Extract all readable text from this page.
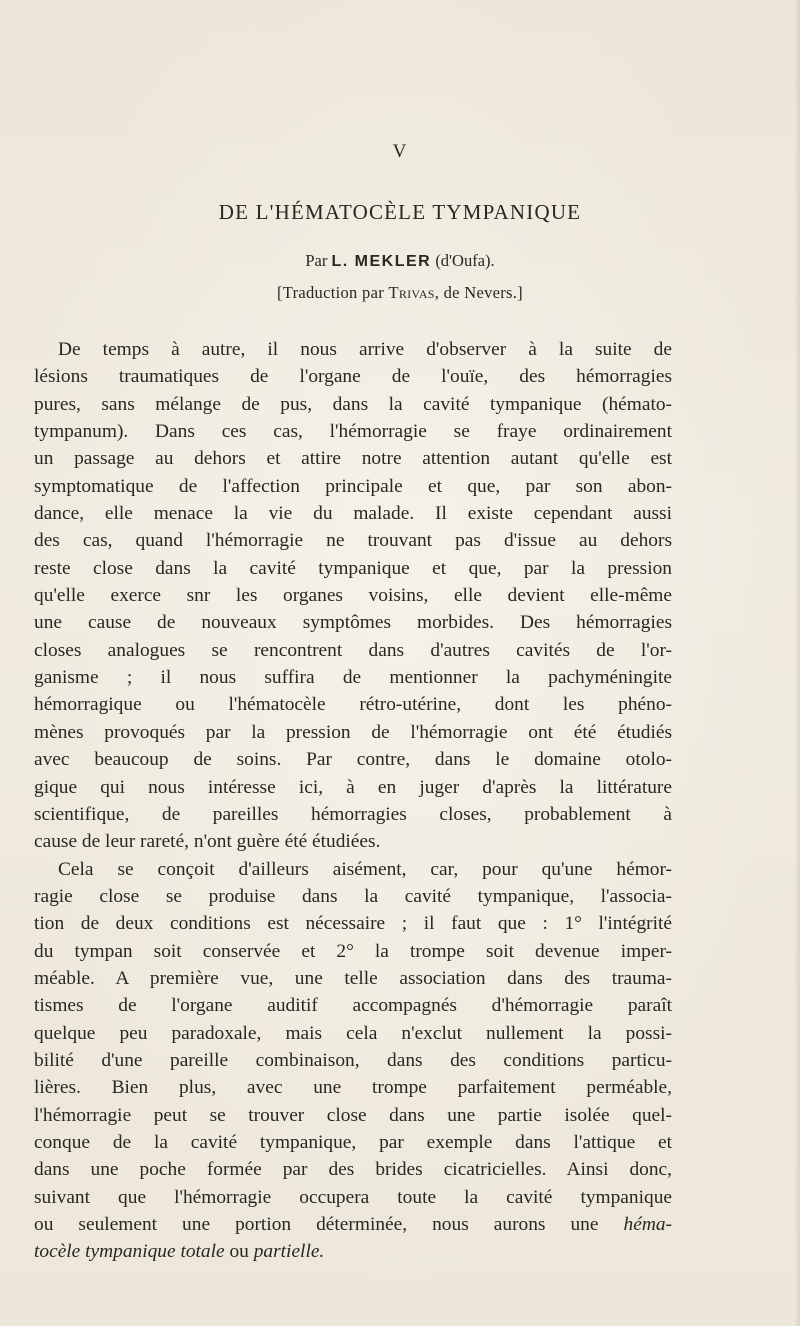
V
DE L'HÉMATOCÈLE TYMPANIQUE
Par L. MEKLER (d'Oufa).
[Traduction par Trivas, de Nevers.]
De temps à autre, il nous arrive d'observer à la suite de
lésions traumatiques de l'organe de l'ouïe, des hémorragies
pures, sans mélange de pus, dans la cavité tympanique (hémato-
tympanum). Dans ces cas, l'hémorragie se fraye ordinairement
un passage au dehors et attire notre attention autant qu'elle est
symptomatique de l'affection principale et que, par son abon-
dance, elle menace la vie du malade. Il existe cependant aussi
des cas, quand l'hémorragie ne trouvant pas d'issue au dehors
reste close dans la cavité tympanique et que, par la pression
qu'elle exerce snr les organes voisins, elle devient elle-même
une cause de nouveaux symptômes morbides. Des hémorragies
closes analogues se rencontrent dans d'autres cavités de l'or-
ganisme ; il nous suffira de mentionner la pachyméningite
hémorragique ou l'hématocèle rétro-utérine, dont les phéno-
mènes provoqués par la pression de l'hémorragie ont été étudiés
avec beaucoup de soins. Par contre, dans le domaine otolo-
gique qui nous intéresse ici, à en juger d'après la littérature
scientifique, de pareilles hémorragies closes, probablement à
cause de leur rareté, n'ont guère été étudiées.
Cela se conçoit d'ailleurs aisément, car, pour qu'une hémor-
ragie close se produise dans la cavité tympanique, l'associa-
tion de deux conditions est nécessaire ; il faut que : 1° l'intégrité
du tympan soit conservée et 2° la trompe soit devenue imper-
méable. A première vue, une telle association dans des trauma-
tismes de l'organe auditif accompagnés d'hémorragie paraît
quelque peu paradoxale, mais cela n'exclut nullement la possi-
bilité d'une pareille combinaison, dans des conditions particu-
lières. Bien plus, avec une trompe parfaitement perméable,
l'hémorragie peut se trouver close dans une partie isolée quel-
conque de la cavité tympanique, par exemple dans l'attique et
dans une poche formée par des brides cicatricielles. Ainsi donc,
suivant que l'hémorragie occupera toute la cavité tympanique
ou seulement une portion déterminée, nous aurons une héma-
tocèle tympanique totale ou partielle.
